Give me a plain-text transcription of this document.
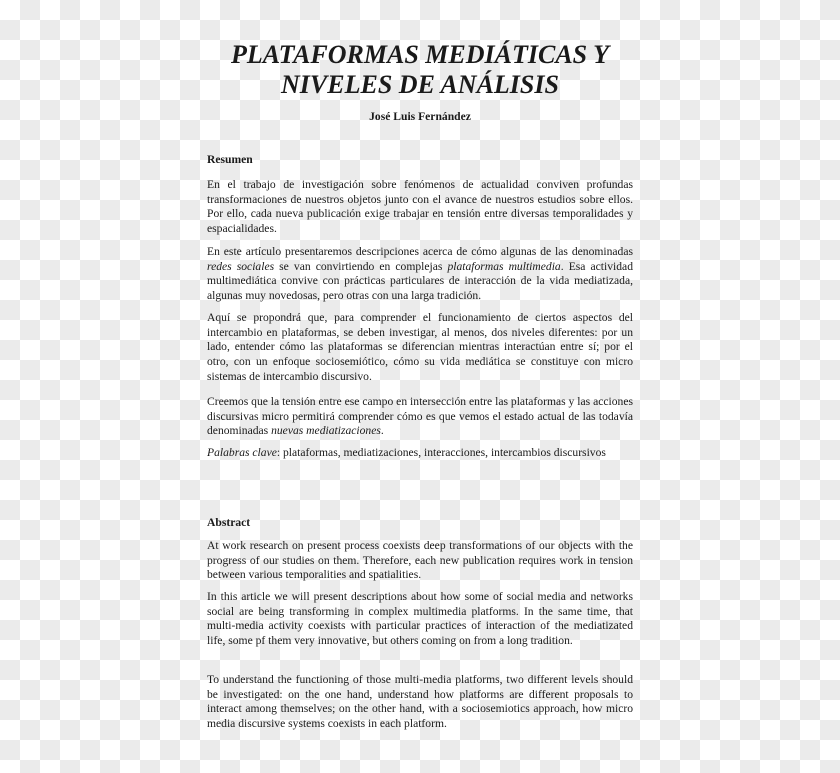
PLATAFORMAS MEDIÁTICAS Y
NIVELES DE ANÁLISIS
José Luis Fernández
Resumen

En el trabajo de investigación sobre fenómenos de actualidad conviven profundas transformaciones de nuestros objetos junto con el avance de nuestros estudios sobre ellos. Por ello, cada nueva publicación exige trabajar en tensión entre diversas temporalidades y espacialidades.

En este artículo presentaremos descripciones acerca de cómo algunas de las denominadas redes sociales se van convirtiendo en complejas plataformas multimedia. Esa actividad multimediática convive con prácticas particulares de interacción de la vida mediatizada, algunas muy novedosas, pero otras con una larga tradición.

Aquí se propondrá que, para comprender el funcionamiento de ciertos aspectos del intercambio en plataformas, se deben investigar, al menos, dos niveles diferentes: por un lado, entender cómo las plataformas se diferencian mientras interactúan entre sí; por el otro, con un enfoque sociosemiótico, cómo su vida mediática se constituye con micro sistemas de intercambio discursivo.

Creemos que la tensión entre ese campo en intersección entre las plataformas y las acciones discursivas micro permitirá comprender cómo es que vemos el estado actual de las todavía denominadas nuevas mediatizaciones.

Palabras clave: plataformas, mediatizaciones, interacciones, intercambios discursivos

Abstract

At work research on present process coexists deep transformations of our objects with the progress of our studies on them. Therefore, each new publication requires work in tension between various temporalities and spatialities.

In this article we will present descriptions about how some of social media and networks social are being transforming in complex multimedia platforms. In the same time, that multi-media activity coexists with particular practices of interaction of the mediatizated life, some pf them very innovative, but others coming on from a long tradition.

To understand the functioning of those multi-media platforms, two different levels should be investigated: on the one hand, understand how platforms are different proposals to interact among themselves; on the other hand, with a sociosemiotics approach, how micro media discursive systems coexists in each platform.
